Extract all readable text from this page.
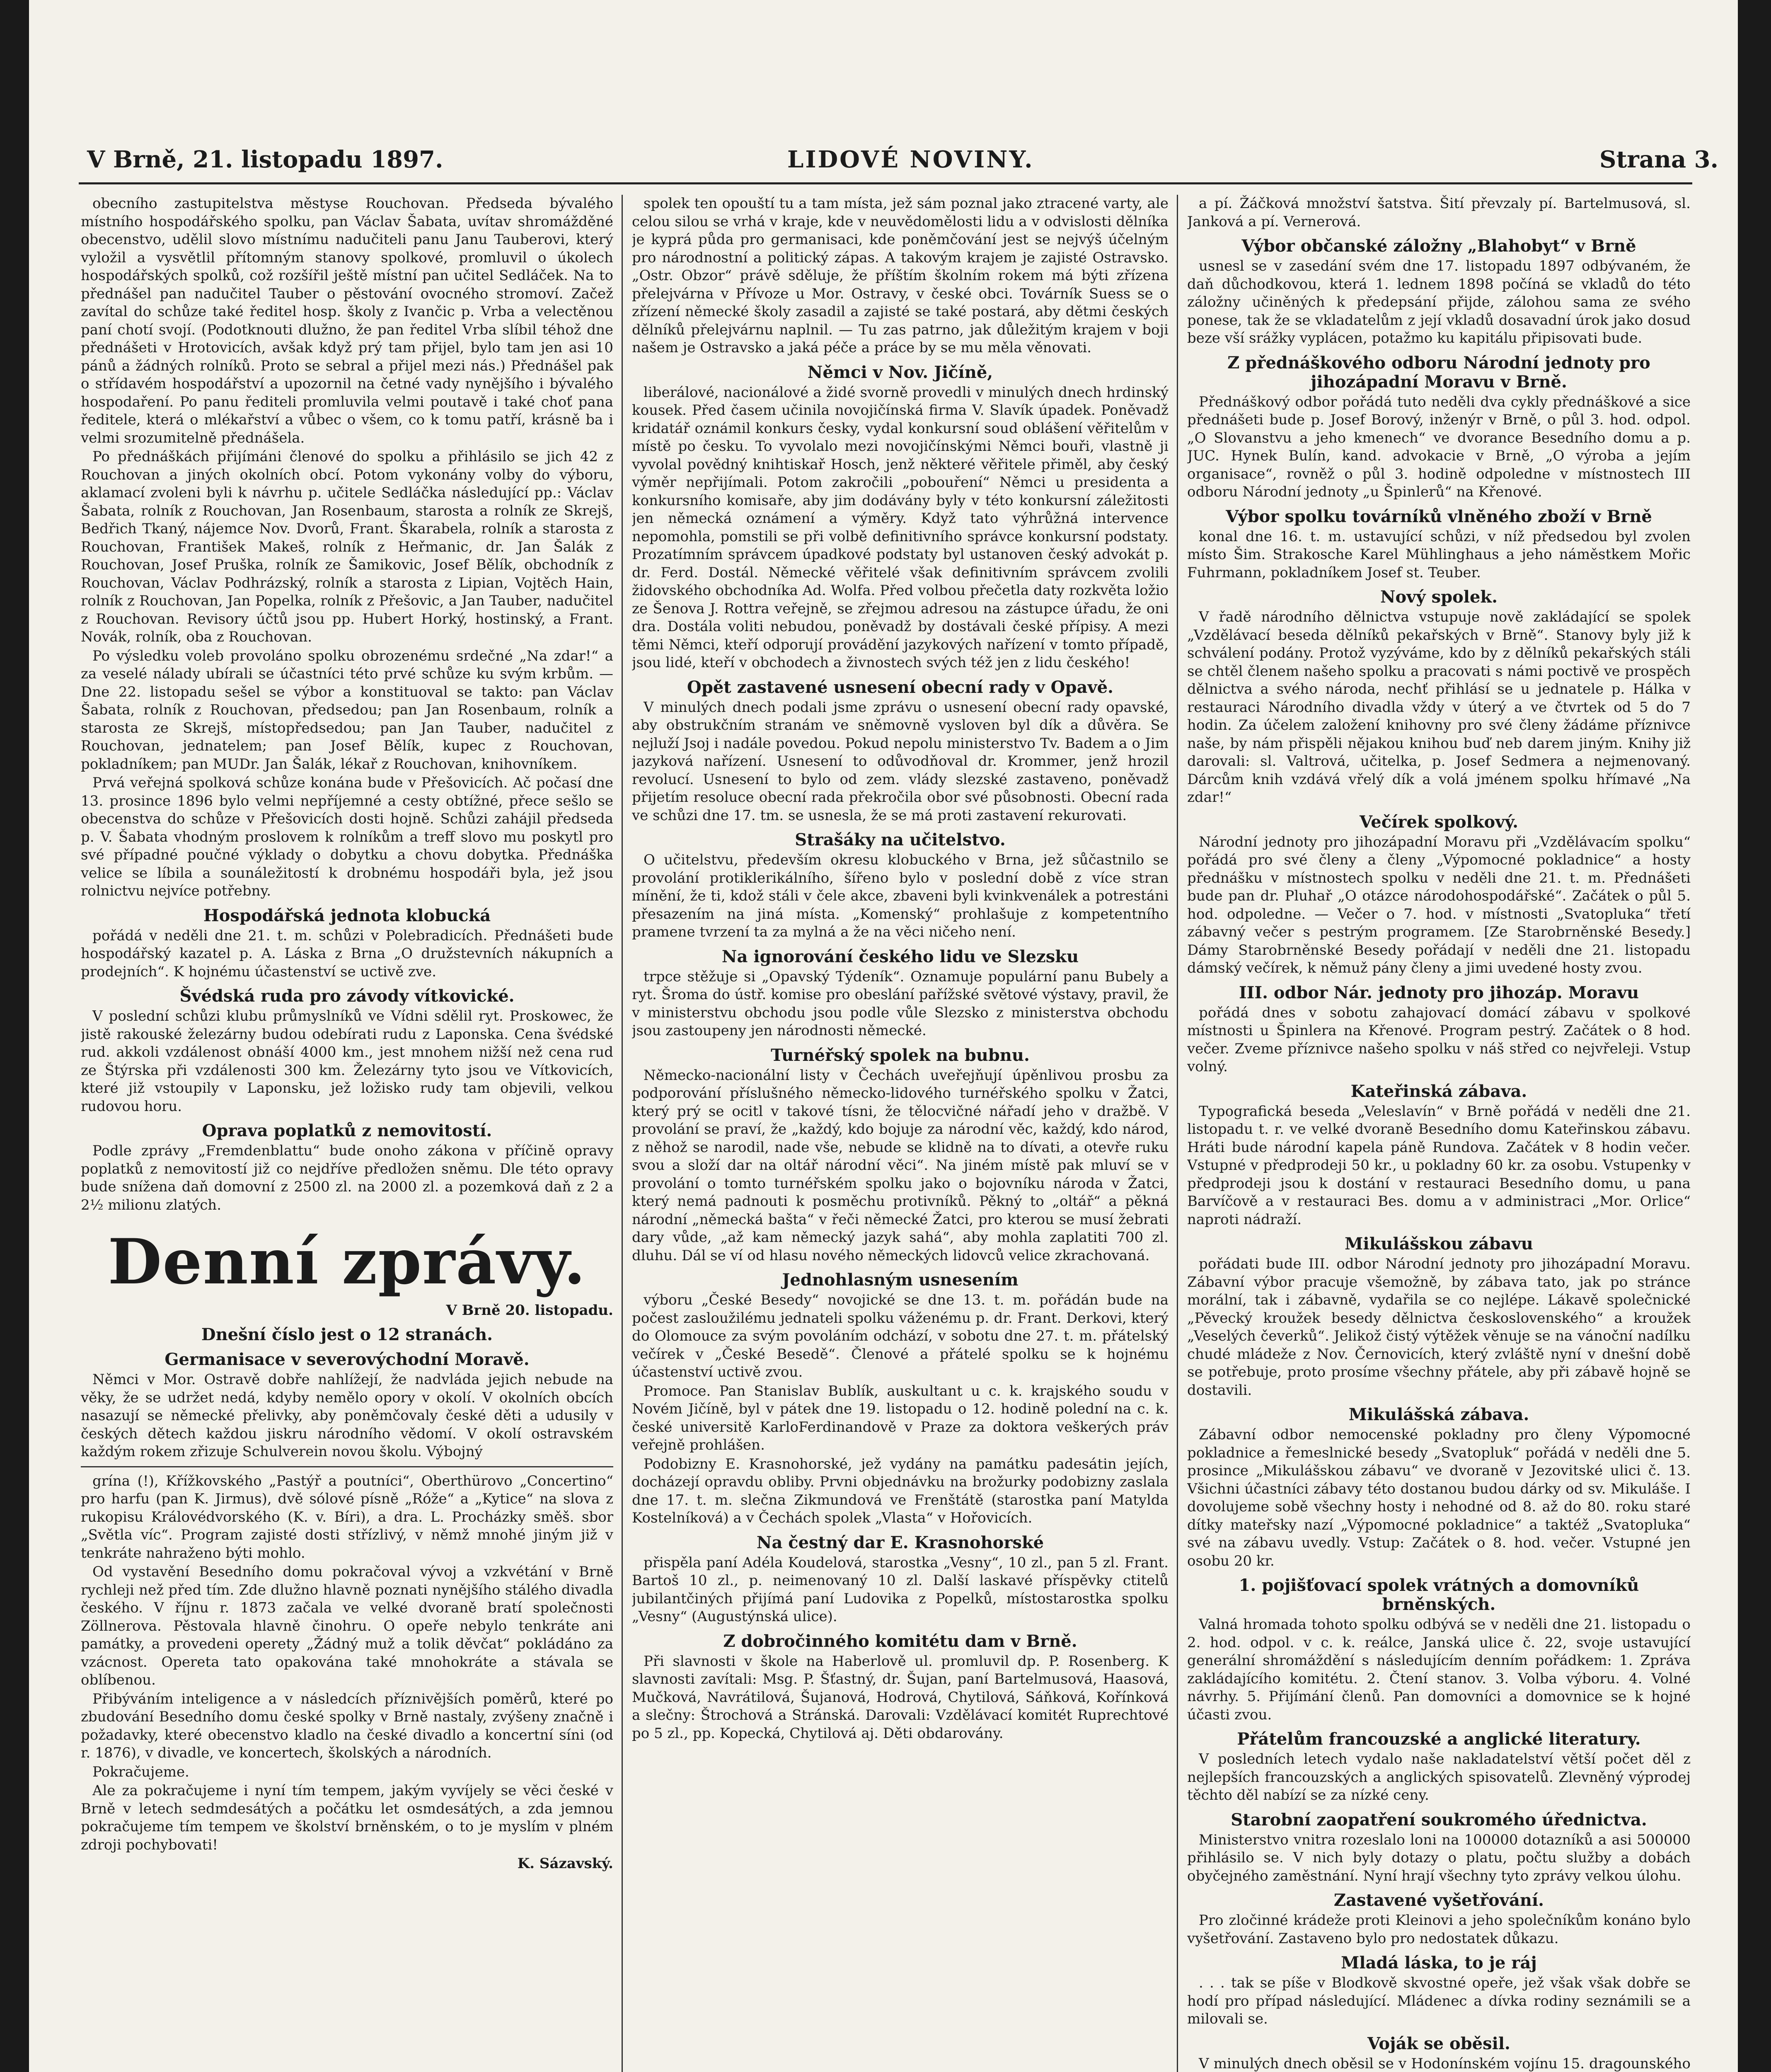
V Brně, 21. listopadu 1897.	LIDOVÉ NOVINY.	Strana 3.

obecního zastupitelstva městyse Rouchovan. Předseda bývalého místního hospodářského spolku, pan Václav Šabata, uvítav shromážděné obecenstvo, udělil slovo místnímu nadučiteli panu Janu Tauberovi, který vyložil a vysvětlil přítomným stanovy spolkové, promluvil o úkolech hospodářských spolků, což rozšířil ještě místní pan učitel Sedláček. Na to přednášel pan nadučitel Tauber o pěstování ovocného stromoví. Začež zavítal do schůze také ředitel hosp. školy z Ivančic p. Vrba a velectěnou paní chotí svojí. (Podotknouti dlužno, že pan ředitel Vrba slíbil téhož dne přednášeti v Hrotovicích, avšak když prý tam přijel, bylo tam jen asi 10 pánů a žádných rolníků. Proto se sebral a přijel mezi nás.) Přednášel pak o střídavém hospodářství a upozornil na četné vady nynějšího i bývalého hospodaření. Po panu řediteli promluvila velmi poutavě i také choť pana ředitele, která o mlékařství a vůbec o všem, co k tomu patří, krásně ba i velmi srozumitelně přednášela.

Po přednáškách přijímáni členové do spolku a přihlásilo se jich 42 z Rouchovan a jiných okolních obcí. Potom vykonány volby do výboru, aklamací zvoleni byli k návrhu p. učitele Sedláčka následující pp.: Václav Šabata, rolník z Rouchovan, Jan Rosenbaum, starosta a rolník ze Skrejš, Bedřich Tkaný, nájemce Nov. Dvorů, Frant. Škarabela, rolník a starosta z Rouchovan, František Makeš, rolník z Heřmanic, dr. Jan Šalák z Rouchovan, Josef Pruška, rolník ze Šamikovic, Josef Bělík, obchodník z Rouchovan, Václav Podhrázský, rolník a starosta z Lipian, Vojtěch Hain, rolník z Rouchovan, Jan Popelka, rolník z Přešovic, a Jan Tauber, nadučitel z Rouchovan. Revisory účtů jsou pp. Hubert Horký, hostinský, a Frant. Novák, rolník, oba z Rouchovan.

Po výsledku voleb provoláno spolku obrozenému srdečné „Na zdar!“ a za veselé nálady ubírali se účastníci této prvé schůze ku svým krbům. — Dne 22. listopadu sešel se výbor a konstituoval se takto: pan Václav Šabata, rolník z Rouchovan, předsedou; pan Jan Rosenbaum, rolník a starosta ze Skrejš, místopředsedou; pan Jan Tauber, nadučitel z Rouchovan, jednatelem; pan Josef Bělík, kupec z Rouchovan, pokladníkem; pan MUDr. Jan Šalák, lékař z Rouchovan, knihovníkem.

Prvá veřejná spolková schůze konána bude v Přešovicích. Ač počasí dne 13. prosince 1896 bylo velmi nepříjemné a cesty obtížné, přece sešlo se obecenstva do schůze v Přešovicích dosti hojně. Schůzi zahájil předseda p. V. Šabata vhodným proslovem k rolníkům a treff slovo mu poskytl pro své případné poučné výklady o dobytku a chovu dobytka. Přednáška velice se líbila a sounáležitostí k drobnému hospodáři byla, jež jsou rolnictvu nejvíce potřebny.

Hospodářská jednota klobucká

pořádá v neděli dne 21. t. m. schůzi v Polebradicích. Přednášeti bude hospodářský kazatel p. A. Láska z Brna „O družstevních nákupních a prodejních“. K hojnému účastenství se uctivě zve.

Švédská ruda pro závody vítkovické.

V poslední schůzi klubu průmyslníků ve Vídni sdělil ryt. Proskowec, že jistě rakouské železárny budou odebírati rudu z Laponska. Cena švédské rud. akkoli vzdálenost obnáší 4000 km., jest mnohem nižší než cena rud ze Štýrska při vzdálenosti 300 km. Železárny tyto jsou ve Vítkovicích, které již vstoupily v Laponsku, jež ložisko rudy tam objevili, velkou rudovou horu.

Oprava poplatků z nemovitostí.

Podle zprávy „Fremdenblattu“ bude onoho zákona v příčině opravy poplatků z nemovitostí již co nejdříve předložen sněmu. Dle této opravy bude snížena daň domovní z 2500 zl. na 2000 zl. a pozemková daň z 2 a 2½ milionu zlatých.

Denní zprávy.

V Brně 20. listopadu.

Dnešní číslo jest o 12 stranách.
Germanisace v severovýchodní Moravě.

Němci v Mor. Ostravě dobře nahlížejí, že nadvláda jejich nebude na věky, že se udržet nedá, kdyby nemělo opory v okolí. V okolních obcích nasazují se německé přelivky, aby poněmčovaly české děti a udusily v českých dětech každou jiskru národního vědomí. V okolí ostravském každým rokem zřizuje Schulverein novou školu. Výbojný

grína (!), Křížkovského „Pastýř a poutníci“, Oberthürovo „Concertino“ pro harfu (pan K. Jirmus), dvě sólové písně „Róže“ a „Kytice“ na slova z rukopisu Královédvorského (K. v. Bíri), a dra. L. Procházky směš. sbor „Světla víc“. Program zajisté dosti střízlivý, v němž mnohé jiným již v tenkráte nahraženo býti mohlo.

Od vystavění Besedního domu pokračoval vývoj a vzkvétání v Brně rychleji než před tím. Zde dlužno hlavně poznati nynějšího stálého divadla českého. V říjnu r. 1873 začala ve velké dvoraně bratí společnosti Zöllnerova. Pěstovala hlavně činohru. O opeře nebylo tenkráte ani památky, a provedeni operety „Žádný muž a tolik děvčat“ pokládáno za vzácnost. Opereta tato opakována také mnohokráte a stávala se oblíbenou.

Přibýváním inteligence a v následcích příznivějších poměrů, které po zbudování Besedního domu české spolky v Brně nastaly, zvýšeny značně i požadavky, které obecenstvo kladlo na české divadlo a koncertní síni (od r. 1876), v divadle, ve koncertech, školských a národních.

Pokračujeme.

Ale za pokračujeme i nyní tím tempem, jakým vyvíjely se věci české v Brně v letech sedmdesátých a počátku let osmdesátých, a zda jemnou pokračujeme tím tempem ve školství brněnském, o to je myslím v plném zdroji pochybovati!

K. Sázavský.

spolek ten opouští tu a tam místa, jež sám poznal jako ztracené varty, ale celou silou se vrhá v kraje, kde v neuvědomělosti lidu a v odvislosti dělníka je kyprá půda pro germanisaci, kde poněmčování jest se nejvýš účelným pro národnostní a politický zápas. A takovým krajem je zajisté Ostravsko. „Ostr. Obzor“ právě sděluje, že příštím školním rokem má býti zřízena přelejvárna v Přívoze u Mor. Ostravy, v české obci. Továrník Suess se o zřízení německé školy zasadil a zajisté se také postará, aby dětmi českých dělníků přelejvárnu naplnil. — Tu zas patrno, jak důležitým krajem v boji našem je Ostravsko a jaká péče a práce by se mu měla věnovati.

Němci v Nov. Jičíně,

liberálové, nacionálové a židé svorně provedli v minulých dnech hrdinský kousek. Před časem učinila novojičínská firma V. Slavík úpadek. Poněvadž kridatář oznámil konkurs česky, vydal konkursní soud oblášení věřitelům v místě po česku. To vyvolalo mezi novojičínskými Němci bouři, vlastně ji vyvolal povědný knihtiskař Hosch, jenž některé věřitele přiměl, aby český výměr nepřijímali. Potom zakročili „pobouření“ Němci u presidenta a konkursního komisaře, aby jim dodávány byly v této konkursní záležitosti jen německá oznámení a výměry. Když tato výhrůžná intervence nepomohla, pomstili se při volbě definitivního správce konkursní podstaty. Prozatímním správcem úpadkové podstaty byl ustanoven český advokát p. dr. Ferd. Dostál. Německé věřitelé však definitivním správcem zvolili židovského obchodníka Ad. Wolfa. Před volbou přečetla daty rozkvěta ložio ze Šenova J. Rottra veřejně, se zřejmou adresou na zástupce úřadu, že oni dra. Dostála voliti nebudou, poněvadž by dostávali české přípisy. A mezi těmi Němci, kteří odporují provádění jazykových nařízení v tomto případě, jsou lidé, kteří v obchodech a živnostech svých též jen z lidu českého!

Opět zastavené usnesení obecní rady v Opavě.

V minulých dnech podali jsme zprávu o usnesení obecní rady opavské, aby obstrukčním stranám ve sněmovně vysloven byl dík a důvěra. Se nejluží Jsoj i nadále povedou. Pokud nepolu ministerstvo Tv. Badem a o Jim jazyková nařízení. Usnesení to odůvodňoval dr. Krommer, jenž hrozil revolucí. Usnesení to bylo od zem. vlády slezské zastaveno, poněvadž přijetím resoluce obecní rada překročila obor své působnosti. Obecní rada ve schůzi dne 17. tm. se usnesla, že se má proti zastavení rekurovati.

Strašáky na učitelstvo.

O učitelstvu, především okresu klobuckého v Brna, jež sůčastnilo se provolání protiklerikálního, šířeno bylo v poslední době z více stran mínění, že ti, kdož stáli v čele akce, zbaveni byli kvinkvenálek a potrestáni přesazením na jiná místa. „Komenský“ prohlašuje z kompetentního pramene tvrzení ta za mylná a že na věci ničeho není.

Na ignorování českého lidu ve Slezsku

trpce stěžuje si „Opavský Týdeník“. Oznamuje populární panu Bubely a ryt. Šroma do ústř. komise pro obeslání pařížské světové výstavy, pravil, že v ministerstvu obchodu jsou podle vůle Slezsko z ministerstva obchodu jsou zastoupeny jen národnosti německé.

Turnéřský spolek na bubnu.

Německo-nacionální listy v Čechách uveřejňují úpěnlivou prosbu za podporování příslušného německo-lidového turnéřského spolku v Žatci, který prý se ocitl v takové tísni, že tělocvičné nářadí jeho v dražbě. V provolání se praví, že „každý, kdo bojuje za národní věc, každý, kdo národ, z něhož se narodil, nade vše, nebude se klidně na to dívati, a otevře ruku svou a složí dar na oltář národní věci“. Na jiném místě pak mluví se v provolání o tomto turnéřském spolku jako o bojovníku národa v Žatci, který nemá padnouti k posměchu protivníků. Pěkný to „oltář“ a pěkná národní „německá bašta“ v řeči německé Žatci, pro kterou se musí žebrati dary vůde, „až kam německý jazyk sahá“, aby mohla zaplatiti 700 zl. dluhu. Dál se ví od hlasu nového německých lidovců velice zkrachovaná.

Jednohlasným usnesením

výboru „České Besedy“ novojické se dne 13. t. m. pořádán bude na počest zasloužilému jednateli spolku váženému p. dr. Frant. Derkovi, který do Olomouce za svým povoláním odchází, v sobotu dne 27. t. m. přátelský večírek v „České Besedě“. Členové a přátelé spolku se k hojnému účastenství uctivě zvou.

Promoce. Pan Stanislav Bublík, auskultant u c. k. krajského soudu v Novém Jičíně, byl v pátek dne 19. listopadu o 12. hodině polední na c. k. české universitě KarloFerdinandově v Praze za doktora veškerých práv veřejně prohlášen.

Podobizny E. Krasnohorské, jež vydány na památku padesátin jejích, docházejí opravdu obliby. Prvni objednávku na brožurky podobizny zaslala dne 17. t. m. slečna Zikmundová ve Frenštátě (starostka paní Matylda Kostelníková) a v Čechách spolek „Vlasta“ v Hořovicích.

Na čestný dar E. Krasnohorské

přispěla paní Adéla Koudelová, starostka „Vesny“, 10 zl., pan 5 zl. Frant. Bartoš 10 zl., p. neimenovaný 10 zl. Další laskavé příspěvky ctitelů jubilantčiných přijímá paní Ludovika z Popelků, místostarostka spolku „Vesny“ (Augustýnská ulice).

Z dobročinného komitétu dam v Brně.

Při slavnosti v škole na Haberlově ul. promluvil dp. P. Rosenberg. K slavnosti zavítali: Msg. P. Šťastný, dr. Šujan, paní Bartelmusová, Haasová, Mučková, Navrátilová, Šujanová, Hodrová, Chytilová, Sáňková, Kořínková a slečny: Štrochová a Stránská. Darovali: Vzdělávací komitét Ruprechtové po 5 zl., pp. Kopecká, Chytilová aj. Děti obdarovány.

a pí. Žáčková množství šatstva. Šití převzaly pí. Bartelmusová, sl. Janková a pí. Vernerová.

Výbor občanské záložny „Blahobyt“ v Brně

usnesl se v zasedání svém dne 17. listopadu 1897 odbývaném, že daň důchodkovou, která 1. lednem 1898 počíná se vkladů do této záložny učiněných k předepsání přijde, zálohou sama ze svého ponese, tak že se vkladatelům z její vkladů dosavadní úrok jako dosud beze vší srážky vyplácen, potažmo ku kapitálu připisovati bude.

Z přednáškového odboru Národní jednoty pro jihozápadní Moravu v Brně.

Přednáškový odbor pořádá tuto neděli dva cykly přednáškové a sice přednášeti bude p. Josef Borový, inženýr v Brně, o půl 3. hod. odpol. „O Slovanstvu a jeho kmenech“ ve dvorance Besedního domu a p. JUC. Hynek Bulín, kand. advokacie v Brně, „O výroba a jejím organisace“, rovněž o půl 3. hodině odpoledne v místnostech III odboru Národní jednoty „u Špinlerů“ na Křenové.

Výbor spolku továrníků vlněného zboží v Brně

konal dne 16. t. m. ustavující schůzi, v níž předsedou byl zvolen místo Šim. Strakosche Karel Mühlinghaus a jeho náměstkem Mořic Fuhrmann, pokladníkem Josef st. Teuber.

Nový spolek.

V řadě národního dělnictva vstupuje nově zakládající se spolek „Vzdělávací beseda dělníků pekařských v Brně“. Stanovy byly již k schválení podány. Protož vyzýváme, kdo by z dělníků pekařských stáli se chtěl členem našeho spolku a pracovati s námi poctivě ve prospěch dělnictva a svého národa, nechť přihlásí se u jednatele p. Hálka v restauraci Národního divadla vždy v úterý a ve čtvrtek od 5 do 7 hodin. Za účelem založení knihovny pro své členy žádáme příznivce naše, by nám přispěli nějakou knihou buď neb darem jiným. Knihy již darovali: sl. Valtrová, učitelka, p. Josef Sedmera a nejmenovaný. Dárcům knih vzdává vřelý dík a volá jménem spolku hřímavé „Na zdar!“

Večírek spolkový.

Národní jednoty pro jihozápadní Moravu při „Vzdělávacím spolku“ pořádá pro své členy a členy „Výpomocné pokladnice“ a hosty přednášku v místnostech spolku v neděli dne 21. t. m. Přednášeti bude pan dr. Pluhař „O otázce národohospodářské“. Začátek o půl 5. hod. odpoledne. — Večer o 7. hod. v místnosti „Svatopluka“ třetí zábavný večer s pestrým programem. [Ze Starobrněnské Besedy.] Dámy Starobrněnské Besedy pořádají v neděli dne 21. listopadu dámský večírek, k němuž pány členy a jimi uvedené hosty zvou.

III. odbor Nár. jednoty pro jihozáp. Moravu

pořádá dnes v sobotu zahajovací domácí zábavu v spolkové místnosti u Špinlera na Křenové. Program pestrý. Začátek o 8 hod. večer. Zveme příznivce našeho spolku v náš střed co nejvřeleji. Vstup volný.

Kateřinská zábava.

Typografická beseda „Veleslavín“ v Brně pořádá v neděli dne 21. listopadu t. r. ve velké dvoraně Besedního domu Kateřinskou zábavu. Hráti bude národní kapela páně Rundova. Začátek v 8 hodin večer. Vstupné v předprodeji 50 kr., u pokladny 60 kr. za osobu. Vstupenky v předprodeji jsou k dostání v restauraci Besedního domu, u pana Barvíčově a v restauraci Bes. domu a v administraci „Mor. Orlice“ naproti nádraží.

Mikulášskou zábavu

pořádati bude III. odbor Národní jednoty pro jihozápadní Moravu. Zábavní výbor pracuje všemožně, by zábava tato, jak po stránce morální, tak i zábavně, vydařila se co nejlépe. Lákavě společnické „Pěvecký kroužek besedy dělnictva československého“ a kroužek „Veselých čeverků“. Jelikož čistý výtěžek věnuje se na vánoční nadílku chudé mládeže z Nov. Černovicích, který zvláště nyní v dnešní době se potřebuje, proto prosíme všechny přátele, aby při zábavě hojně se dostavili.

Mikulášská zábava.

Zábavní odbor nemocenské pokladny pro členy Výpomocné pokladnice a řemeslnické besedy „Svatopluk“ pořádá v neděli dne 5. prosince „Mikulášskou zábavu“ ve dvoraně v Jezovitské ulici č. 13. Všichni účastníci zábavy této dostanou budou dárky od sv. Mikuláše. I dovolujeme sobě všechny hosty i nehodné od 8. až do 80. roku staré dítky mateřsky nazí „Výpomocné pokladnice“ a taktéž „Svatopluka“ své na zábavu uvedly. Vstup: Začátek o 8. hod. večer. Vstupné jen osobu 20 kr.

1. pojišťovací spolek vrátných a domovníků brněnských.

Valná hromada tohoto spolku odbývá se v neděli dne 21. listopadu o 2. hod. odpol. v c. k. reálce, Janská ulice č. 22, svoje ustavující generální shromáždění s následujícím denním pořádkem: 1. Zpráva zakládajícího komitétu. 2. Čtení stanov. 3. Volba výboru. 4. Volné návrhy. 5. Přijímání členů. Pan domovníci a domovnice se k hojné účasti zvou.

Přátelům francouzské a anglické literatury.

V posledních letech vydalo naše nakladatelství větší počet děl z nejlepších francouzských a anglických spisovatelů. Zlevněný výprodej těchto děl nabízí se za nízké ceny.

Starobní zaopatření soukromého úřednictva.

Ministerstvo vnitra rozeslalo loni na 100000 dotazníků a asi 500000 přihlásilo se. V nich byly dotazy o platu, počtu služby a dobách obyčejného zaměstnání. Nyní hrají všechny tyto zprávy velkou úlohu.

Zastavené vyšetřování.

Pro zločinné krádeže proti Kleinovi a jeho společníkům konáno bylo vyšetřování. Zastaveno bylo pro nedostatek důkazu.

Mladá láska, to je ráj

. . . tak se píše v Blodkově skvostné opeře, jež však však dobře se hodí pro případ následující. Mládenec a dívka rodiny seznámili se a milovali se.

Voják se oběsil.

V minulých dnech oběsil se v Hodonínském vojínu 15. dragounského
